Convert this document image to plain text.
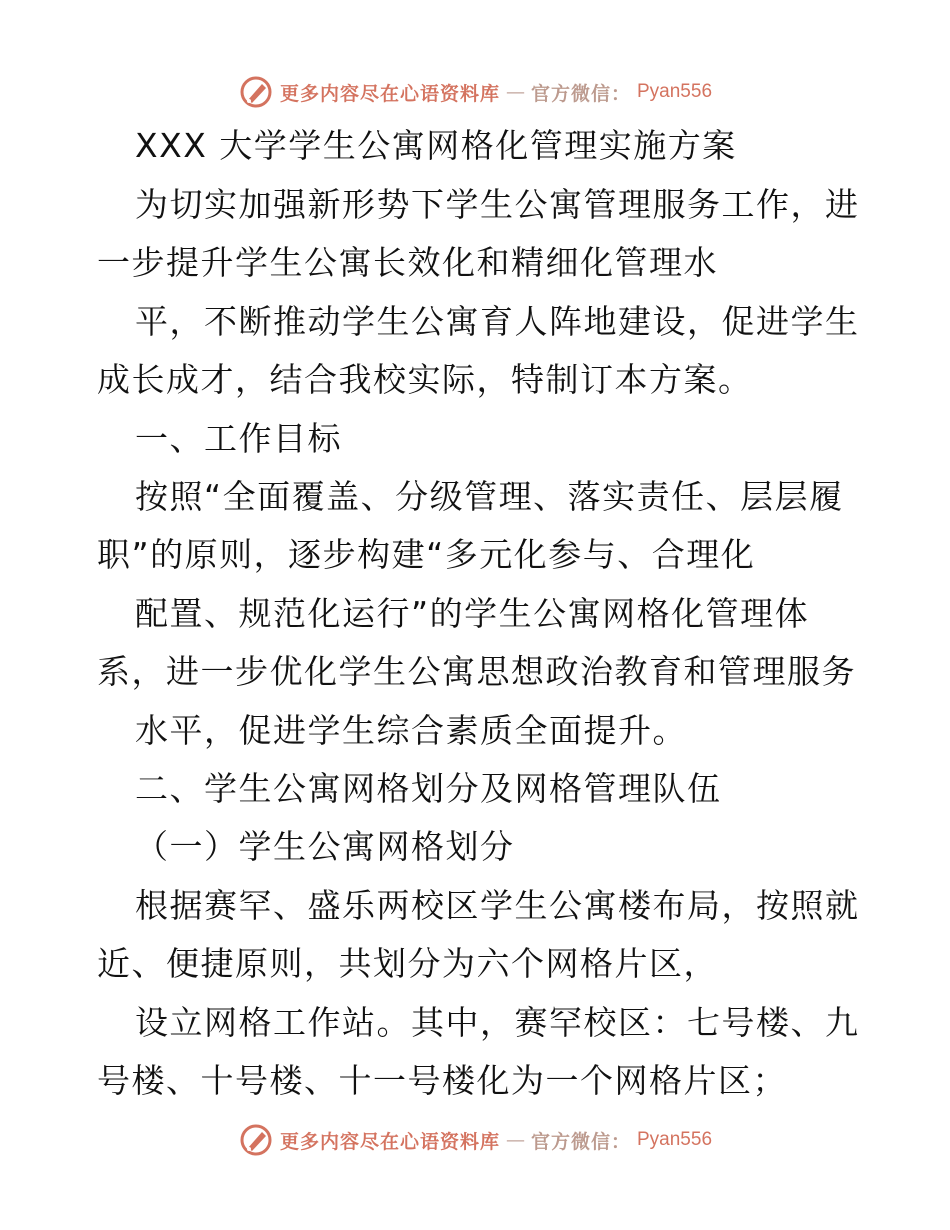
更多内容尽在心语资料库 — 官方微信： Pyan556
XXX 大学学生公寓网格化管理实施方案
为切实加强新形势下学生公寓管理服务工作，进
一步提升学生公寓长效化和精细化管理水
平，不断推动学生公寓育人阵地建设，促进学生
成长成才，结合我校实际，特制订本方案。
一、工作目标
按照“全面覆盖、分级管理、落实责任、层层履
职”的原则，逐步构建“多元化参与、合理化
配置、规范化运行”的学生公寓网格化管理体
系，进一步优化学生公寓思想政治教育和管理服务
水平，促进学生综合素质全面提升。
二、学生公寓网格划分及网格管理队伍
（一）学生公寓网格划分
根据赛罕、盛乐两校区学生公寓楼布局，按照就
近、便捷原则，共划分为六个网格片区，
设立网格工作站。其中，赛罕校区：七号楼、九
号楼、十号楼、十一号楼化为一个网格片区；
更多内容尽在心语资料库 — 官方微信： Pyan556
